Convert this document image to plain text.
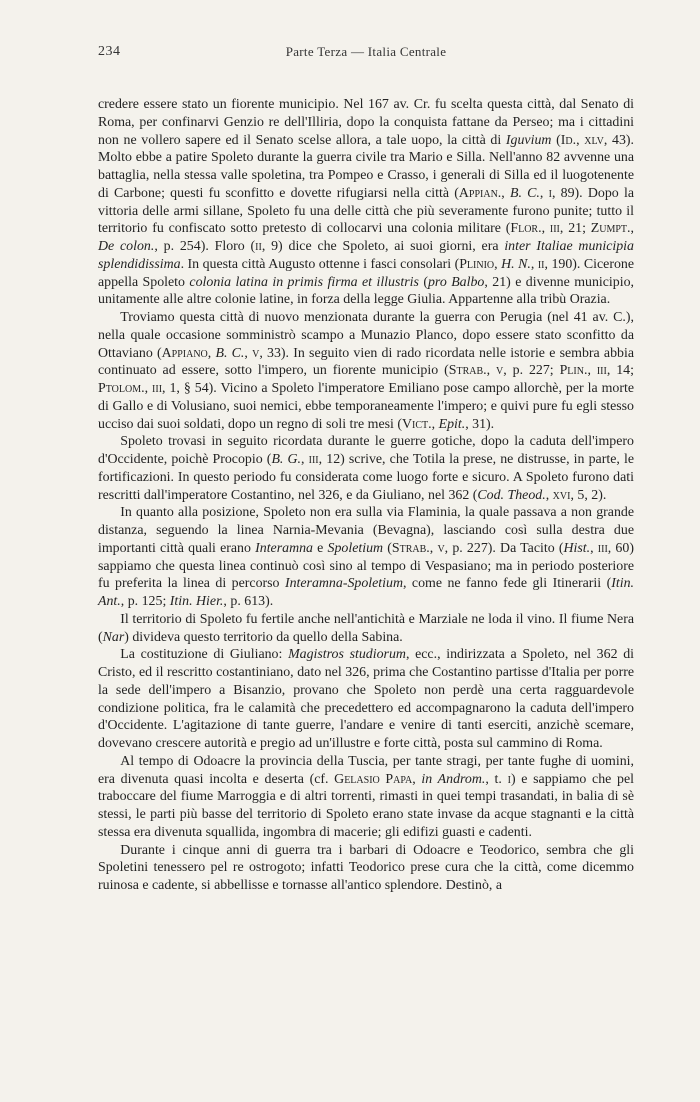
234	Parte Terza — Italia Centrale

credere essere stato un fiorente municipio. Nel 167 av. Cr. fu scelta questa città, dal Senato di Roma, per confinarvi Genzio re dell'Illiria, dopo la conquista fattane da Perseo; ma i cittadini non ne vollero sapere ed il Senato scelse allora, a tale uopo, la città di Iguvium (Id., xlv, 43). Molto ebbe a patire Spoleto durante la guerra civile tra Mario e Silla. Nell'anno 82 avvenne una battaglia, nella stessa valle spoletina, tra Pompeo e Crasso, i generali di Silla ed il luogotenente di Carbone; questi fu sconfitto e dovette rifugiarsi nella città (Appian., B. C., i, 89). Dopo la vittoria delle armi sillane, Spoleto fu una delle città che più severamente furono punite; tutto il territorio fu confiscato sotto pretesto di collocarvi una colonia militare (Flor., iii, 21; Zumpt., De colon., p. 254). Floro (ii, 9) dice che Spoleto, ai suoi giorni, era inter Italiae municipia splendidissima. In questa città Augusto ottenne i fasci consolari (Plinio, H. N., ii, 190). Cicerone appella Spoleto colonia latina in primis firma et illustris (pro Balbo, 21) e divenne municipio, unitamente alle altre colonie latine, in forza della legge Giulia. Appartenne alla tribù Orazia.

Troviamo questa città di nuovo menzionata durante la guerra con Perugia (nel 41 av. C.), nella quale occasione somministrò scampo a Munazio Planco, dopo essere stato sconfitto da Ottaviano (Appiano, B. C., v, 33). In seguito vien di rado ricordata nelle istorie e sembra abbia continuato ad essere, sotto l'impero, un fiorente municipio (Strab., v, p. 227; Plin., iii, 14; Ptolom., iii, 1, § 54). Vicino a Spoleto l'imperatore Emiliano pose campo allorchè, per la morte di Gallo e di Volusiano, suoi nemici, ebbe temporaneamente l'impero; e quivi pure fu egli stesso ucciso dai suoi soldati, dopo un regno di soli tre mesi (Vict., Epit., 31).

Spoleto trovasi in seguito ricordata durante le guerre gotiche, dopo la caduta dell'impero d'Occidente, poichè Procopio (B. G., iii, 12) scrive, che Totila la prese, ne distrusse, in parte, le fortificazioni. In questo periodo fu considerata come luogo forte e sicuro. A Spoleto furono dati rescritti dall'imperatore Costantino, nel 326, e da Giuliano, nel 362 (Cod. Theod., xvi, 5, 2).

In quanto alla posizione, Spoleto non era sulla via Flaminia, la quale passava a non grande distanza, seguendo la linea Narnia-Mevania (Bevagna), lasciando così sulla destra due importanti città quali erano Interamna e Spoletium (Strab., v, p. 227). Da Tacito (Hist., iii, 60) sappiamo che questa linea continuò così sino al tempo di Vespasiano; ma in periodo posteriore fu preferita la linea di percorso Interamna-Spoletium, come ne fanno fede gli Itinerarii (Itin. Ant., p. 125; Itin. Hier., p. 613).

Il territorio di Spoleto fu fertile anche nell'antichità e Marziale ne loda il vino. Il fiume Nera (Nar) divideva questo territorio da quello della Sabina.

La costituzione di Giuliano: Magistros studiorum, ecc., indirizzata a Spoleto, nel 362 di Cristo, ed il rescritto costantiniano, dato nel 326, prima che Costantino partisse d'Italia per porre la sede dell'impero a Bisanzio, provano che Spoleto non perdè una certa ragguardevole condizione politica, fra le calamità che precedettero ed accompagnarono la caduta dell'impero d'Occidente. L'agitazione di tante guerre, l'andare e venire di tanti eserciti, anzichè scemare, dovevano crescere autorità e pregio ad un'illustre e forte città, posta sul cammino di Roma.

Al tempo di Odoacre la provincia della Tuscia, per tante stragi, per tante fughe di uomini, era divenuta quasi incolta e deserta (cf. Gelasio Papa, in Androm., t. i) e sappiamo che pel traboccare del fiume Marroggia e di altri torrenti, rimasti in quei tempi trasandati, in balia di sè stessi, le parti più basse del territorio di Spoleto erano state invase da acque stagnanti e la città stessa era divenuta squallida, ingombra di macerie; gli edifizi guasti e cadenti.

Durante i cinque anni di guerra tra i barbari di Odoacre e Teodorico, sembra che gli Spoletini tenessero pel re ostrogoto; infatti Teodorico prese cura che la città, come dicemmo ruinosa e cadente, si abbellisse e tornasse all'antico splendore. Destinò, a
